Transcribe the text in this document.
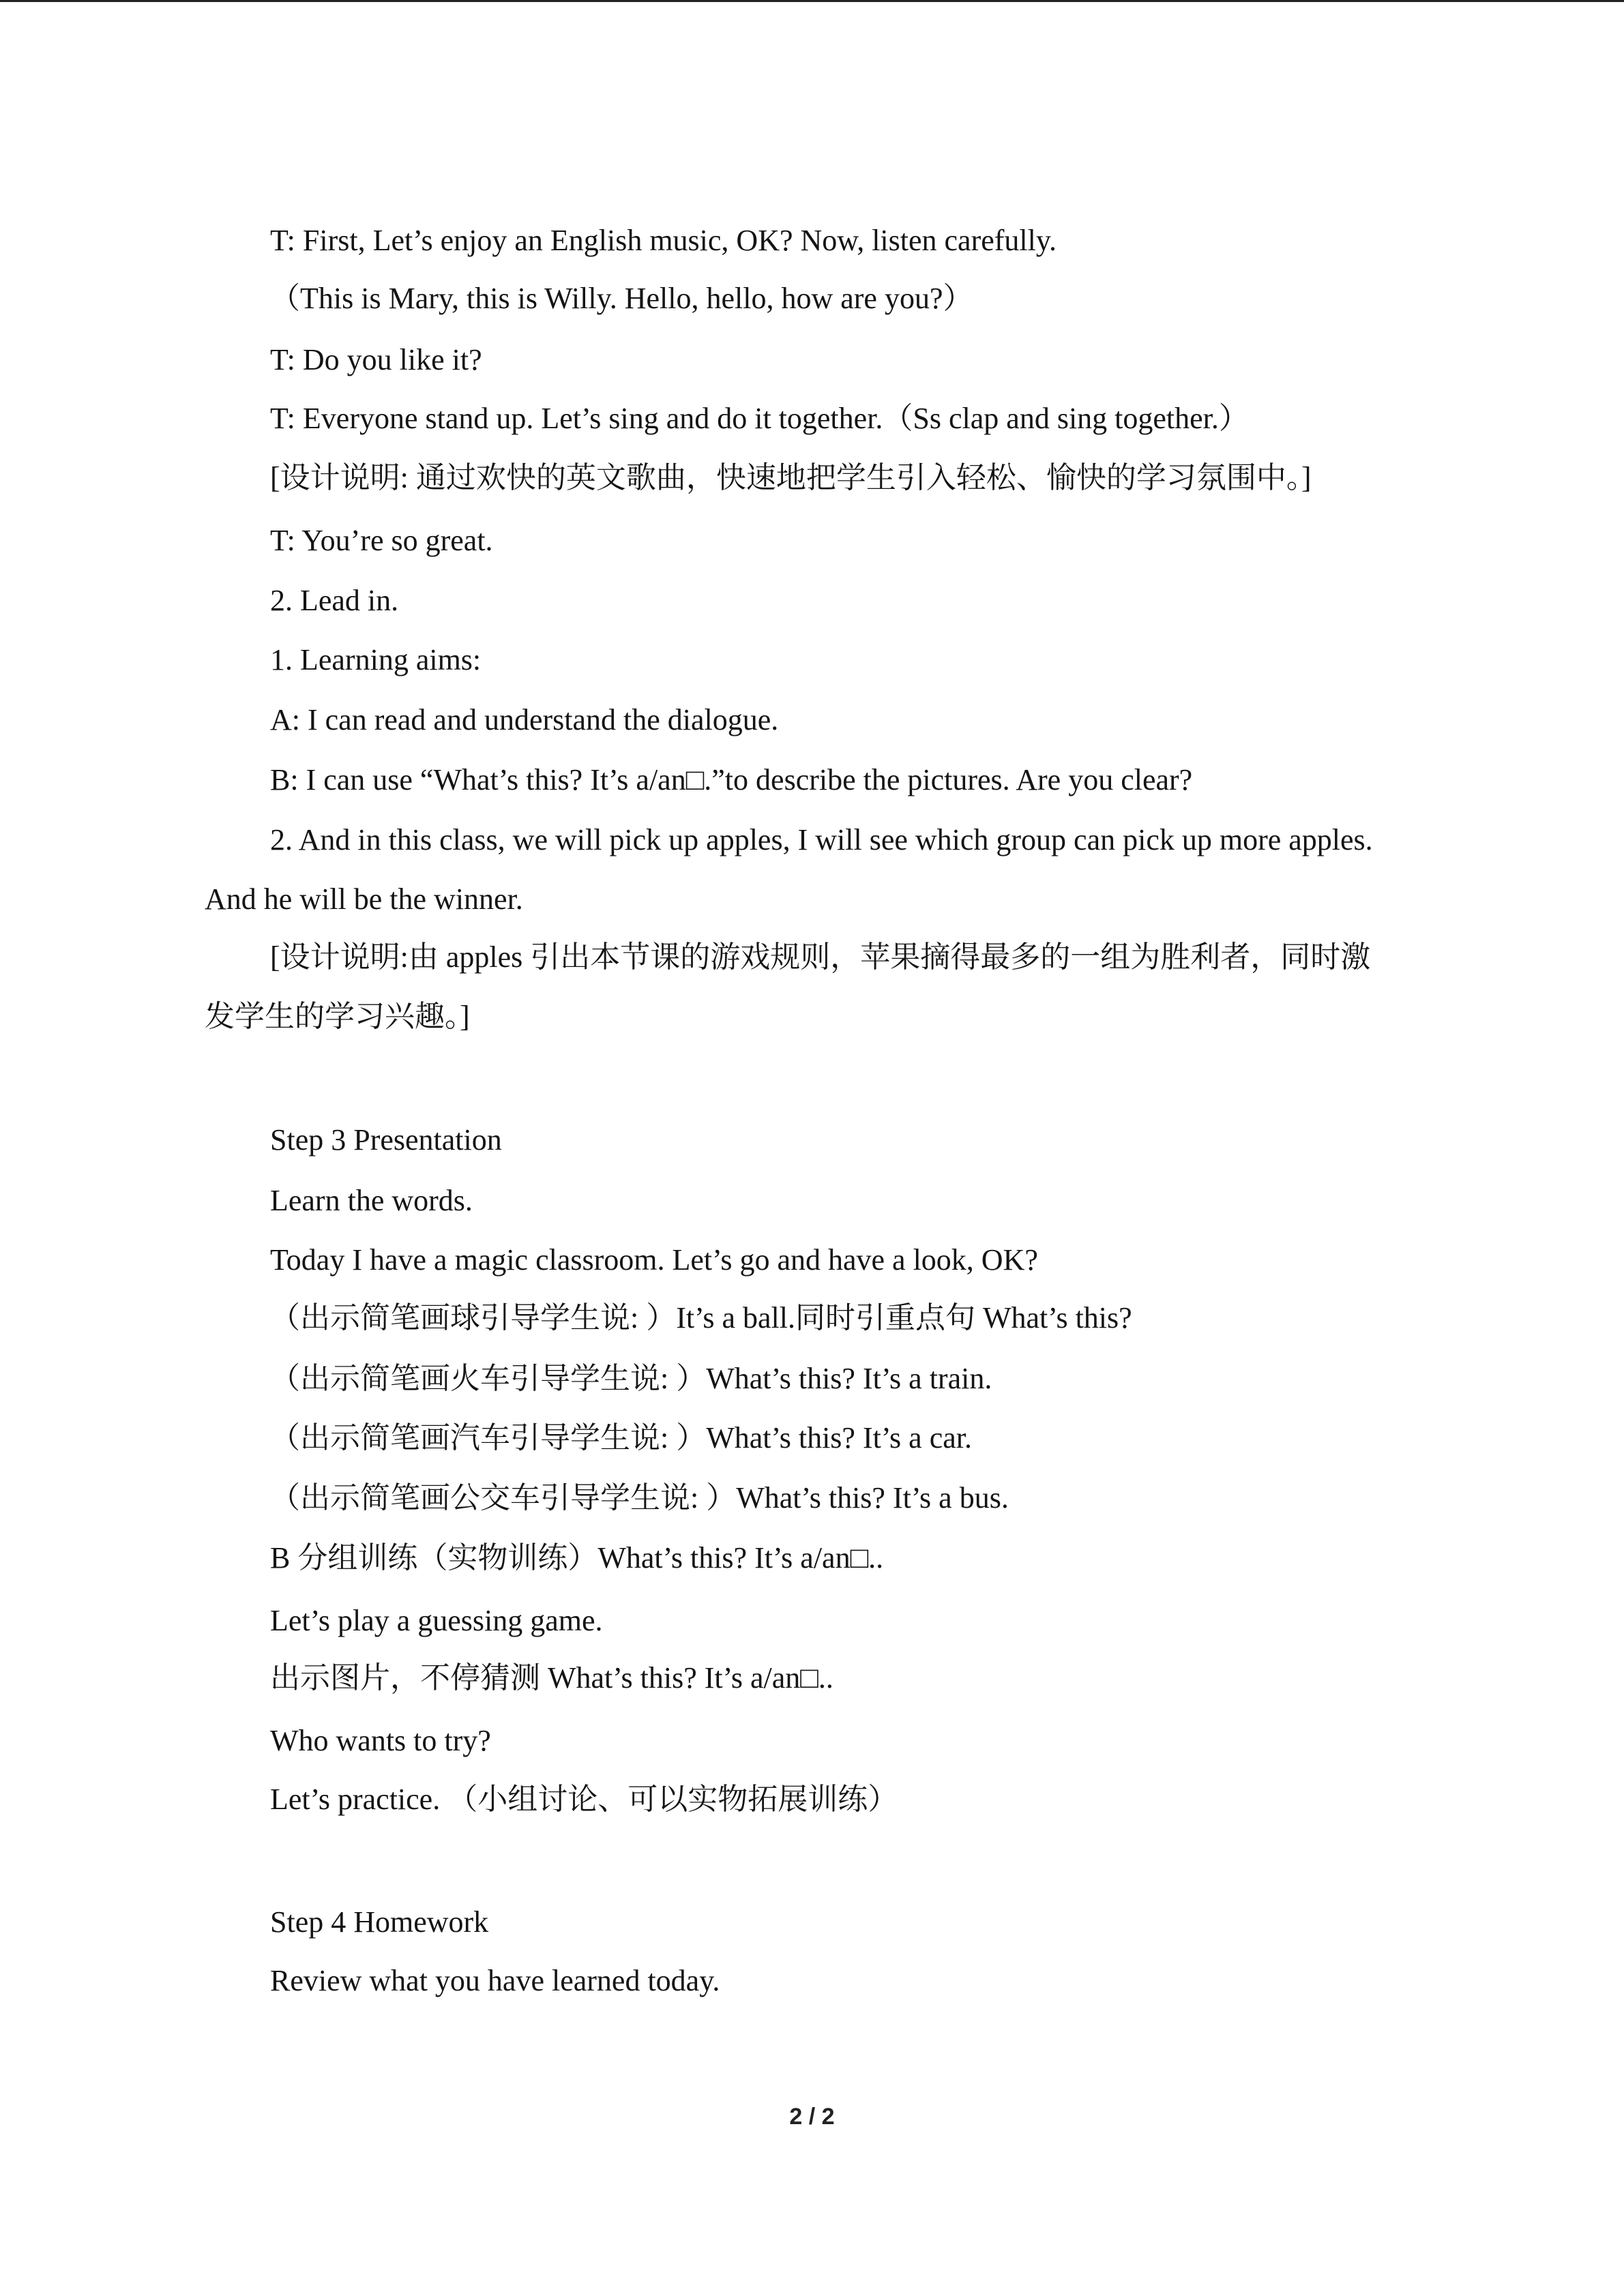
T: First, Let’s enjoy an English music, OK? Now, listen carefully.
（This is Mary, this is Willy. Hello, hello, how are you?）
T: Do you like it?
T: Everyone stand up. Let’s sing and do it together.（Ss clap and sing together.）
[设计说明: 通过欢快的英文歌曲，快速地把学生引入轻松、愉快的学习氛围中。]
T: You’re so great.
2. Lead in.
1. Learning aims:
A: I can read and understand the dialogue.
B: I can use “What’s this? It’s a/an□.”to describe the pictures. Are you clear?
2. And in this class, we will pick up apples, I will see which group can pick up more apples.
And he will be the winner.
[设计说明:由 apples 引出本节课的游戏规则，苹果摘得最多的一组为胜利者，同时激
发学生的学习兴趣。]
Step 3 Presentation
Learn the words.
Today I have a magic classroom. Let’s go and have a look, OK?
（出示简笔画球引导学生说: ）It’s a ball.同时引重点句 What’s this?
（出示简笔画火车引导学生说: ）What’s this? It’s a train.
（出示简笔画汽车引导学生说: ）What’s this? It’s a car.
（出示简笔画公交车引导学生说: ）What’s this? It’s a bus.
B 分组训练（实物训练）What’s this? It’s a/an□..
Let’s play a guessing game.
出示图片，不停猜测 What’s this? It’s a/an□..
Who wants to try?
Let’s practice. （小组讨论、可以实物拓展训练）
Step 4 Homework
Review what you have learned today.
2 / 2
